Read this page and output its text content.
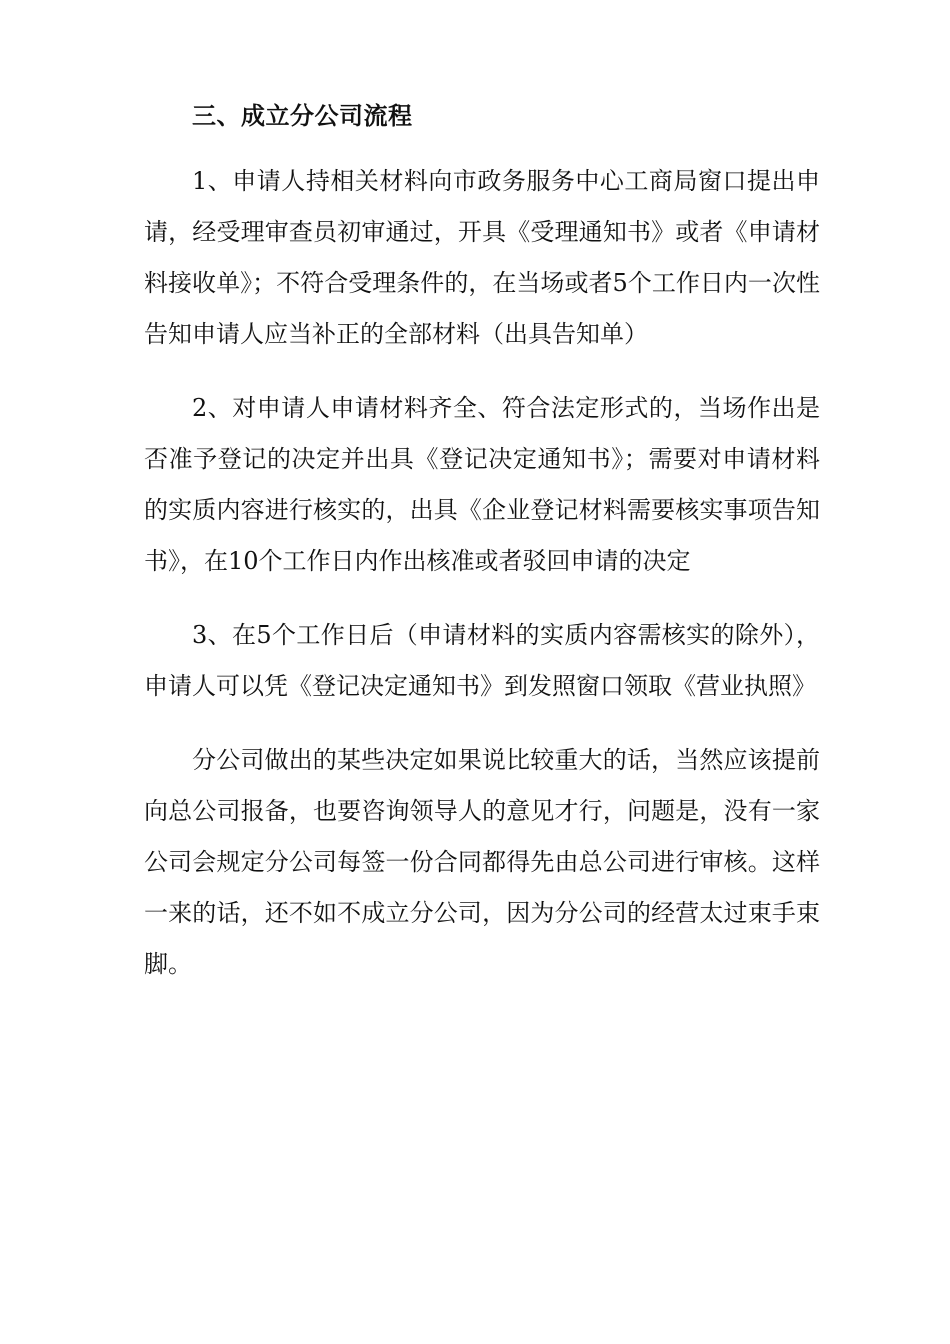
三、成立分公司流程

1、申请人持相关材料向市政务服务中心工商局窗口提出申请，经受理审查员初审通过，开具《受理通知书》或者《申请材料接收单》；不符合受理条件的，在当场或者5个工作日内一次性告知申请人应当补正的全部材料（出具告知单）

2、对申请人申请材料齐全、符合法定形式的，当场作出是否准予登记的决定并出具《登记决定通知书》；需要对申请材料的实质内容进行核实的，出具《企业登记材料需要核实事项告知书》，在10个工作日内作出核准或者驳回申请的决定

3、在5个工作日后（申请材料的实质内容需核实的除外），申请人可以凭《登记决定通知书》到发照窗口领取《营业执照》

分公司做出的某些决定如果说比较重大的话，当然应该提前向总公司报备，也要咨询领导人的意见才行，问题是，没有一家公司会规定分公司每签一份合同都得先由总公司进行审核。这样一来的话，还不如不成立分公司，因为分公司的经营太过束手束脚。
